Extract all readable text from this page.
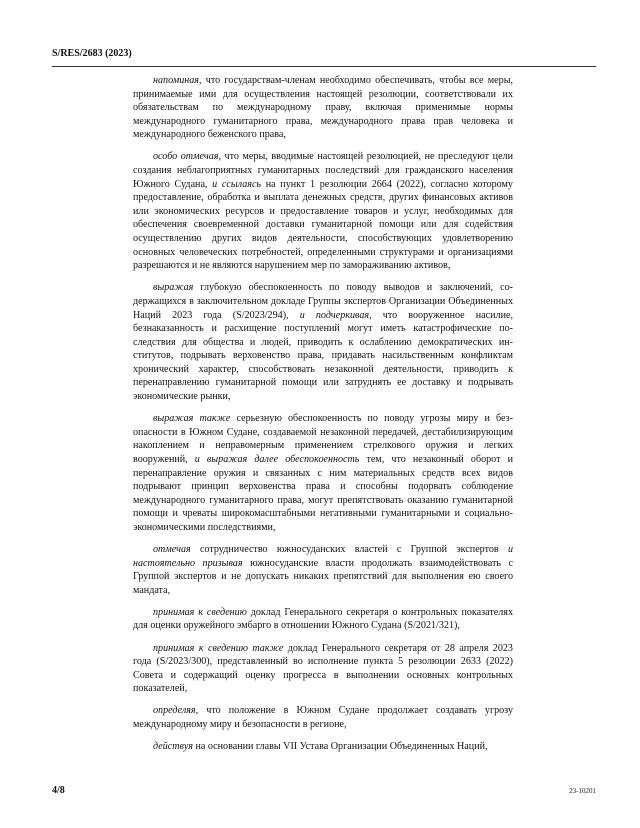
S/RES/2683 (2023)

напоминая, что государствам-членам необходимо обеспечивать, чтобы все меры, принимаемые ими для осуществления настоящей резолюции, соответствовали их обязательствам по международному праву, включая применимые нормы международного гуманитарного права, международного права прав человека и международного беженского права,

особо отмечая, что меры, вводимые настоящей резолюцией, не преследуют цели создания неблагоприятных гуманитарных последствий для гражданского населения Южного Судана, и ссылаясь на пункт 1 резолюции 2664 (2022), согласно которому предоставление, обработка и выплата денежных средств, других финансовых активов или экономических ресурсов и предоставление товаров и услуг, необходимых для обеспечения своевременной доставки гуманитарной помощи или для содействия осуществлению других видов деятельности, способствующих удовлетворению основных человеческих потребностей, определенными структурами и организациями разрешаются и не являются нарушением мер по замораживанию активов,

выражая глубокую обеспокоенность по поводу выводов и заключений, содержащихся в заключительном докладе Группы экспертов Организации Объединенных Наций 2023 года (S/2023/294), и подчеркивая, что вооруженное насилие, безнаказанность и расхищение поступлений могут иметь катастрофические последствия для общества и людей, приводить к ослаблению демократических институтов, подрывать верховенство права, придавать насильственным конфликтам хронический характер, способствовать незаконной деятельности, приводить к перенаправлению гуманитарной помощи или затруднять ее доставку и подрывать экономические рынки,

выражая также серьезную обеспокоенность по поводу угрозы миру и безопасности в Южном Судане, создаваемой незаконной передачей, дестабилизирующим накоплением и неправомерным применением стрелкового оружия и легких вооружений, и выражая далее обеспокоенность тем, что незаконный оборот и перенаправление оружия и связанных с ним материальных средств всех видов подрывают принцип верховенства права и способны подорвать соблюдение международного гуманитарного права, могут препятствовать оказанию гуманитарной помощи и чреваты широкомасштабными негативными гуманитарными и социально-экономическими последствиями,

отмечая сотрудничество южносуданских властей с Группой экспертов и настоятельно призывая южносуданские власти продолжать взаимодействовать с Группой экспертов и не допускать никаких препятствий для выполнения ею своего мандата,

принимая к сведению доклад Генерального секретаря о контрольных показателях для оценки оружейного эмбарго в отношении Южного Судана (S/2021/321),

принимая к сведению также доклад Генерального секретаря от 28 апреля 2023 года (S/2023/300), представленный во исполнение пункта 5 резолюции 2633 (2022) Совета и содержащий оценку прогресса в выполнении основных контрольных показателей,

определяя, что положение в Южном Судане продолжает создавать угрозу международному миру и безопасности в регионе,

действуя на основании главы VII Устава Организации Объединенных Наций,

4/8	23-10201
